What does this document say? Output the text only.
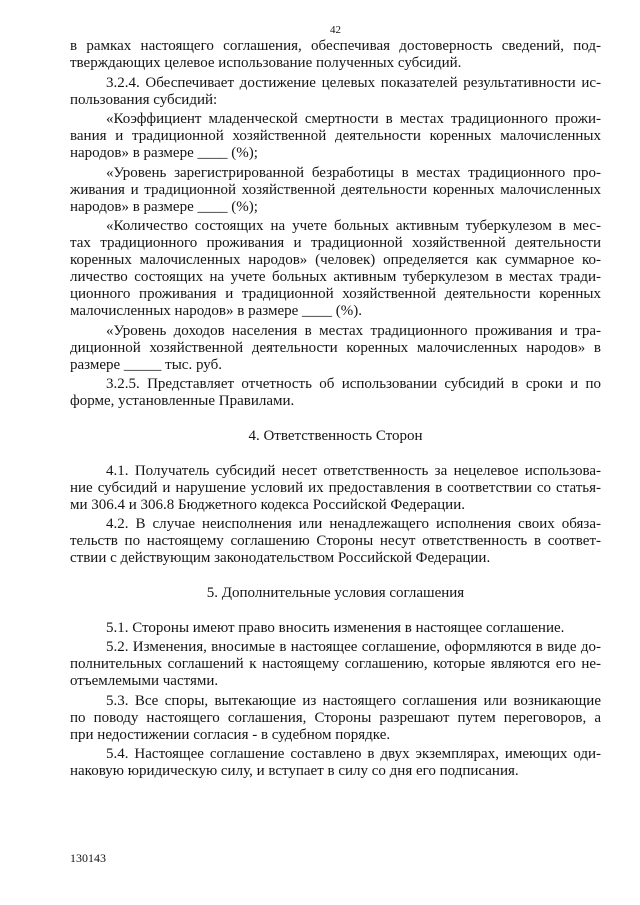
42
в рамках настоящего соглашения, обеспечивая достоверность сведений, под-
тверждающих целевое использование полученных субсидий.
3.2.4. Обеспечивает достижение целевых показателей результативности ис-
пользования субсидий:
«Коэффициент младенческой смертности в местах традиционного прожи-
вания и традиционной хозяйственной деятельности коренных малочисленных
народов» в размере ____ (%);
«Уровень зарегистрированной безработицы в местах традиционного про-
живания и традиционной хозяйственной деятельности коренных малочисленных
народов» в размере ____ (%);
«Количество состоящих на учете больных активным туберкулезом в мес-
тах традиционного проживания и традиционной хозяйственной деятельности
коренных малочисленных народов» (человек) определяется как суммарное ко-
личество состоящих на учете больных активным туберкулезом в местах тради-
ционного проживания и традиционной хозяйственной деятельности коренных
малочисленных народов» в размере ____ (%).
«Уровень доходов населения в местах традиционного проживания и тра-
диционной хозяйственной деятельности коренных малочисленных народов» в
размере _____ тыс. руб.
3.2.5. Представляет отчетность об использовании субсидий в сроки и по
форме, установленные Правилами.
4. Ответственность Сторон
4.1. Получатель субсидий несет ответственность за нецелевое использова-
ние субсидий и нарушение условий их предоставления в соответствии со статья-
ми 306.4 и 306.8 Бюджетного кодекса Российской Федерации.
4.2. В случае неисполнения или ненадлежащего исполнения своих обяза-
тельств по настоящему соглашению Стороны несут ответственность в соответ-
ствии с действующим законодательством Российской Федерации.
5. Дополнительные условия соглашения
5.1. Стороны имеют право вносить изменения в настоящее соглашение.
5.2. Изменения, вносимые в настоящее соглашение, оформляются в виде до-
полнительных соглашений к настоящему соглашению, которые являются его не-
отъемлемыми частями.
5.3. Все споры, вытекающие из настоящего соглашения или возникающие
по поводу настоящего соглашения, Стороны разрешают путем переговоров, а
при недостижении согласия - в судебном порядке.
5.4. Настоящее соглашение составлено в двух экземплярах, имеющих оди-
наковую юридическую силу, и вступает в силу со дня его подписания.
130143
